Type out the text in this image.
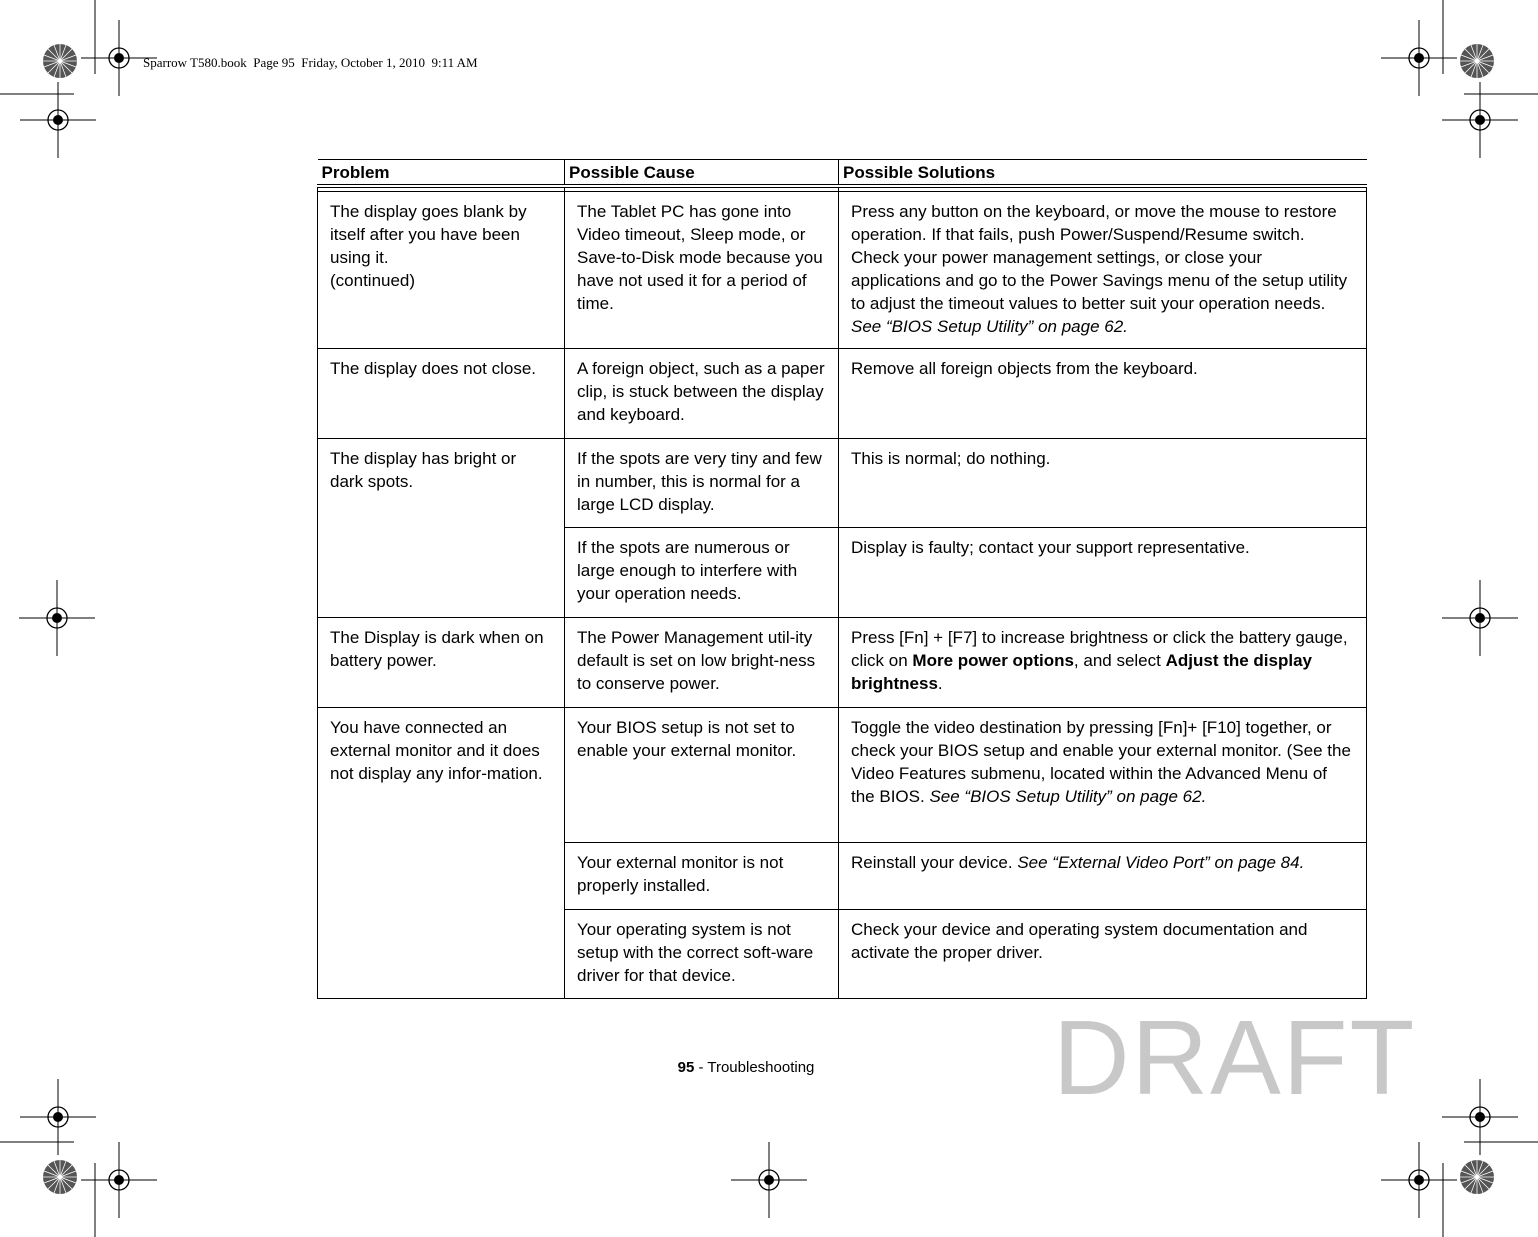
Sparrow T580.book  Page 95  Friday, October 1, 2010  9:11 AM
Problem	Possible Cause	Possible Solutions

The display goes blank by itself after you have been using it.
(continued)	The Tablet PC has gone into Video timeout, Sleep mode, or Save-to-Disk mode because you have not used it for a period of time.	Press any button on the keyboard, or move the mouse to restore operation. If that fails, push Power/Suspend/Resume switch. Check your power management settings, or close your applications and go to the Power Savings menu of the setup utility to adjust the timeout values to better suit your operation needs. See “BIOS Setup Utility” on page 62.
The display does not close.	A foreign object, such as a paper clip, is stuck between the display and keyboard.	Remove all foreign objects from the keyboard.
The display has bright or dark spots.	If the spots are very tiny and few in number, this is normal for a large LCD display.	This is normal; do nothing.
	If the spots are numerous or large enough to interfere with your operation needs.	Display is faulty; contact your support representative.
The Display is dark when on battery power.	The Power Management util-ity default is set on low bright-ness to conserve power.	Press [Fn] + [F7] to increase brightness or click the battery gauge, click on More power options, and select Adjust the display brightness.
You have connected an external monitor and it does not display any infor-mation.	Your BIOS setup is not set to enable your external monitor.	Toggle the video destination by pressing [Fn]+ [F10] together, or check your BIOS setup and enable your external monitor. (See the Video Features submenu, located within the Advanced Menu of the BIOS. See “BIOS Setup Utility” on page 62.
	Your external monitor is not properly installed.	Reinstall your device. See “External Video Port” on page 84.
	Your operating system is not setup with the correct soft-ware driver for that device.	Check your device and operating system documentation and activate the proper driver.
95 - Troubleshooting	DRAFT
